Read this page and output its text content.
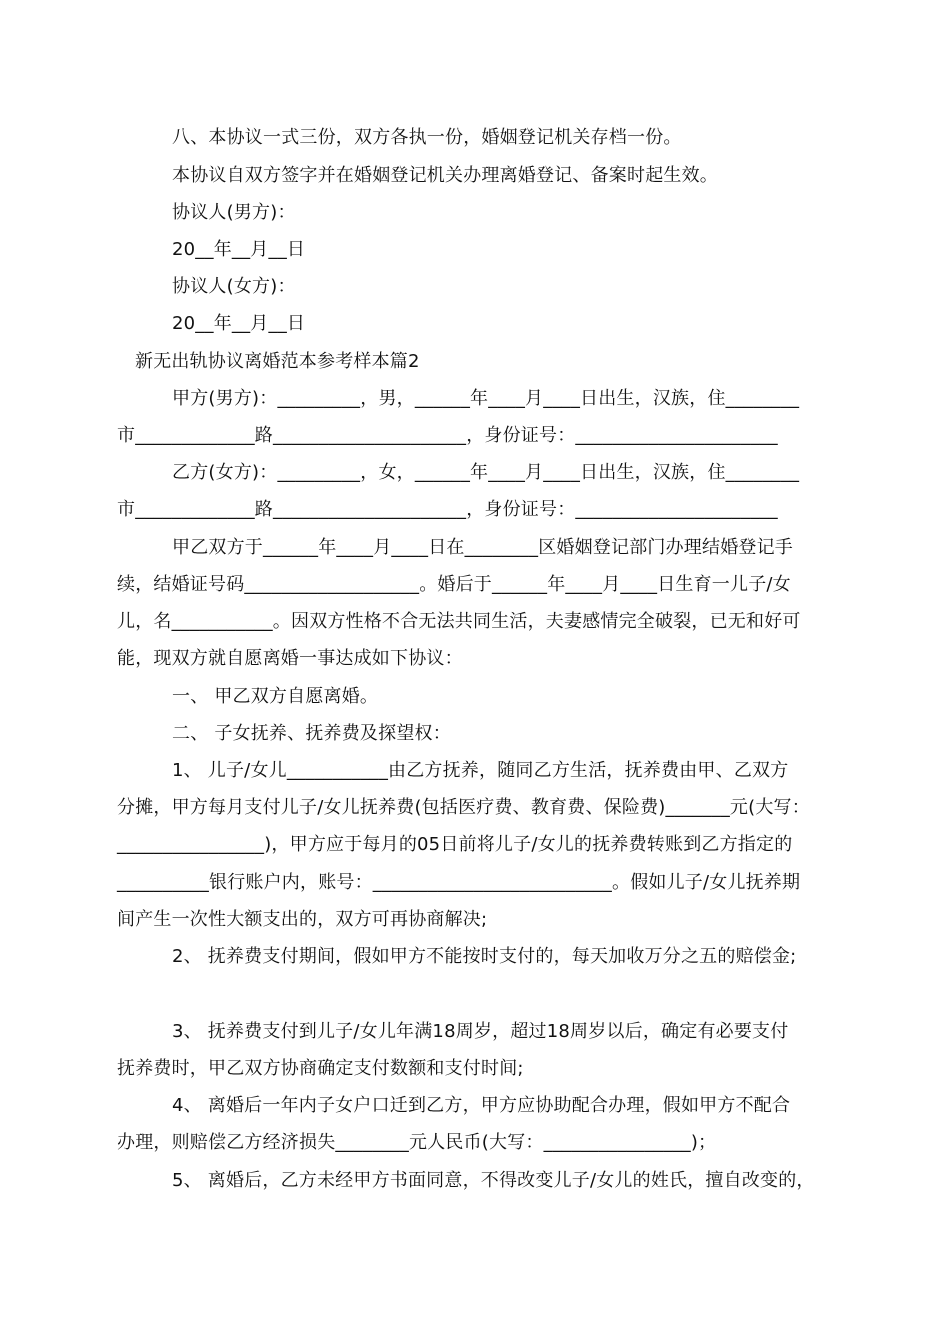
八、本协议一式三份，双方各执一份，婚姻登记机关存档一份。
本协议自双方签字并在婚姻登记机关办理离婚登记、备案时起生效。
协议人(男方)：
20__年__月__日
协议人(女方)：
20__年__月__日
新无出轨协议离婚范本参考样本篇2
甲方(男方)：_________，男，______年____月____日出生，汉族，住________
市_____________路_____________________，身份证号：______________________
乙方(女方)：_________，女，______年____月____日出生，汉族，住________
市_____________路_____________________，身份证号：______________________
甲乙双方于______年____月____日在________区婚姻登记部门办理结婚登记手
续，结婚证号码___________________。婚后于______年____月____日生育一儿子/女
儿，名___________。因双方性格不合无法共同生活，夫妻感情完全破裂，已无和好可
能，现双方就自愿离婚一事达成如下协议：
一、 甲乙双方自愿离婚。
二、 子女抚养、抚养费及探望权：
1、 儿子/女儿___________由乙方抚养，随同乙方生活，抚养费由甲、乙双方
分摊，甲方每月支付儿子/女儿抚养费(包括医疗费、教育费、保险费)_______元(大写：
________________)，甲方应于每月的05日前将儿子/女儿的抚养费转账到乙方指定的
__________银行账户内，账号：__________________________。假如儿子/女儿抚养期
间产生一次性大额支出的，双方可再协商解决;
2、 抚养费支付期间，假如甲方不能按时支付的，每天加收万分之五的赔偿金;
3、 抚养费支付到儿子/女儿年满18周岁，超过18周岁以后，确定有必要支付
抚养费时，甲乙双方协商确定支付数额和支付时间;
4、 离婚后一年内子女户口迁到乙方，甲方应协助配合办理，假如甲方不配合
办理，则赔偿乙方经济损失________元人民币(大写：________________)；
5、 离婚后，乙方未经甲方书面同意，不得改变儿子/女儿的姓氏，擅自改变的，
